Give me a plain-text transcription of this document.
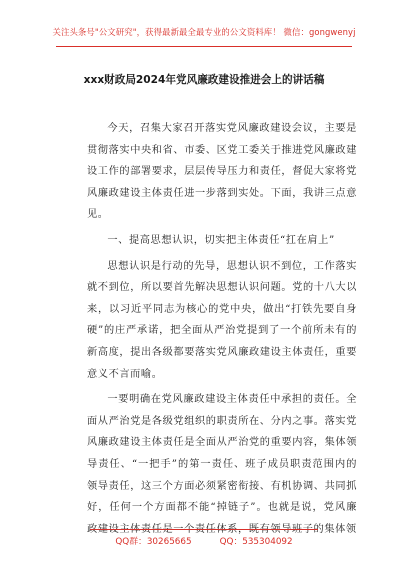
关注头条号"公文研究"，获得最新最全最专业的公文资料库！ 微信：gongwenyj
xxx财政局2024年党风廉政建设推进会上的讲话稿

今天，召集大家召开落实党风廉政建设会议，主要是贯彻落实中央和省、市委、区党工委关于推进党风廉政建设工作的部署要求，层层传导压力和责任，督促大家将党风廉政建设主体责任进一步落到实处。下面，我讲三点意见。

一、提高思想认识，切实把主体责任“扛在肩上”

思想认识是行动的先导，思想认识不到位，工作落实就不到位，所以要首先解决思想认识问题。党的十八大以来，以习近平同志为核心的党中央，做出“打铁先要自身硬”的庄严承诺，把全面从严治党提到了一个前所未有的新高度，提出各级都要落实党风廉政建设主体责任，重要意义不言而喻。

一要明确在党风廉政建设主体责任中承担的责任。全面从严治党是各级党组织的职责所在、分内之事。落实党风廉政建设主体责任是全面从严治党的重要内容，集体领导责任、“一把手”的第一责任、班子成员职责范围内的领导责任，这三个方面必须紧密衔接、有机协调、共同抓好，任何一个方面都不能“掉链子”。也就是说，党风廉政建设主体责任是一个责任体系，既有领导班子的集体领

QQ群：30265665	QQ：535304092
